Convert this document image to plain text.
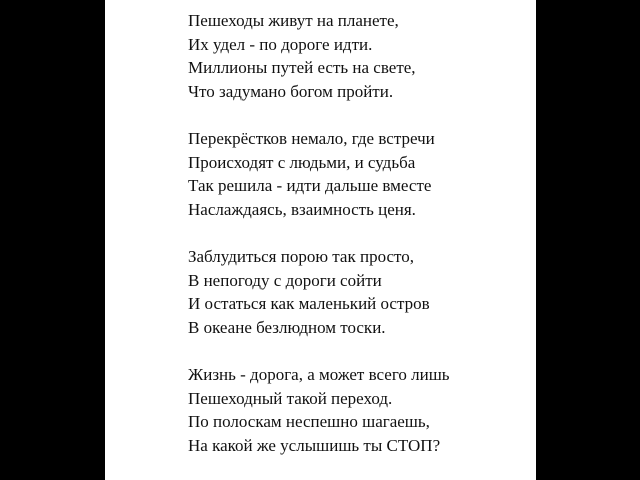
Пешеходы живут на планете,
Их удел - по дороге идти.
Миллионы путей есть на свете,
Что задумано богом пройти.
Перекрёстков немало, где встречи
Происходят с людьми, и судьба
Так решила - идти дальше вместе
Наслаждаясь, взаимность ценя.
Заблудиться порою так просто,
В непогоду с дороги сойти
И остаться как маленький остров
В океане безлюдном тоски.
Жизнь - дорога, а может всего лишь
Пешеходный такой переход.
По полоскам неспешно шагаешь,
На какой же услышишь ты СТОП?
